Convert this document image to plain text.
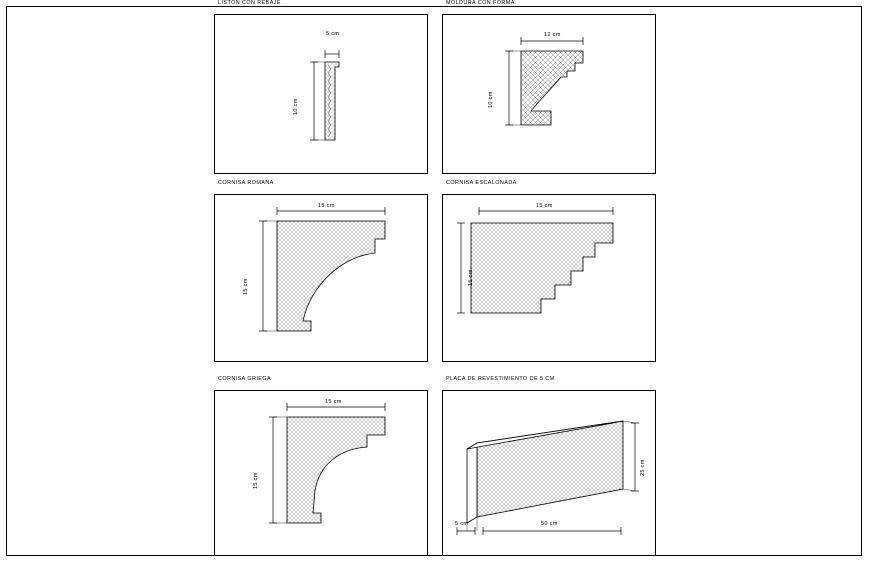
LISTON CON REBAJE
5 cm
10 cm
MOLDURA CON FORMA
12 cm
10 cm
CORNISA ROMANA
15 cm
15 cm
CORNISA ESCALONADA
15 cm
15 cm
CORNISA GRIEGA
15 cm
15 cm
PLACA DE REVESTIMIENTO DE 5 CM
25 cm
50 cm
5 cm
